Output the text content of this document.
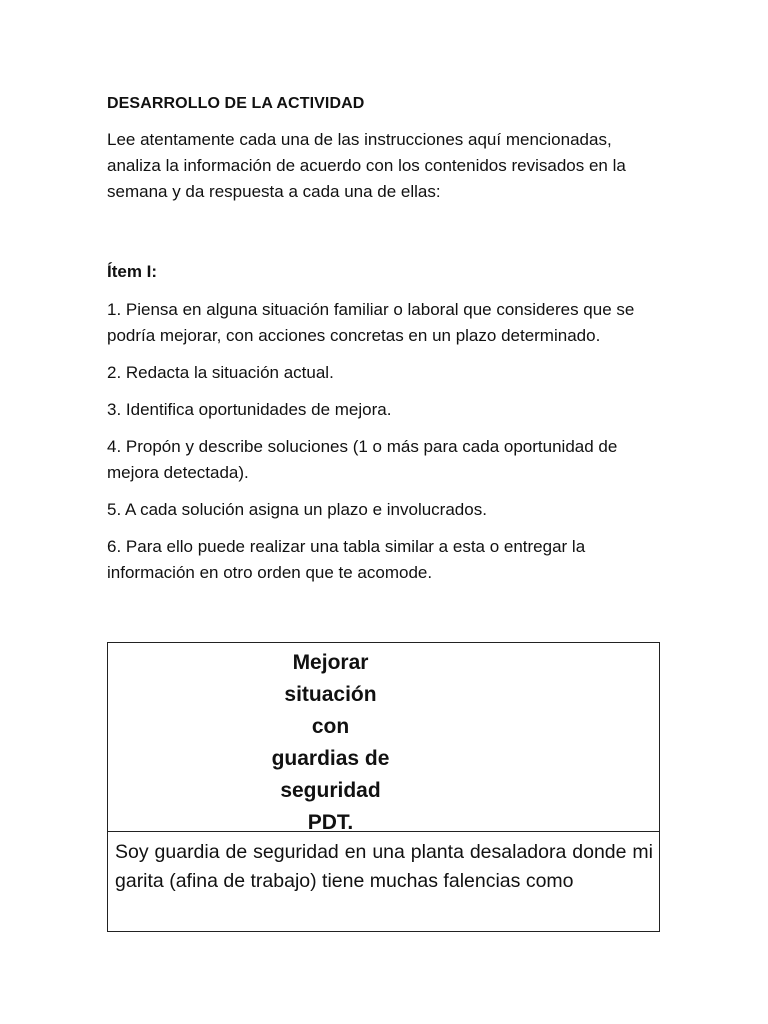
DESARROLLO DE LA ACTIVIDAD
Lee atentamente cada una de las instrucciones aquí mencionadas, analiza la información de acuerdo con los contenidos revisados en la semana y da respuesta a cada una de ellas:
Ítem I:
1. Piensa en alguna situación familiar o laboral que consideres que se podría mejorar, con acciones concretas en un plazo determinado.
2. Redacta la situación actual.
3. Identifica oportunidades de mejora.
4. Propón y describe soluciones (1 o más para cada oportunidad de mejora detectada).
5. A cada solución asigna un plazo e involucrados.
6. Para ello puede realizar una tabla similar a esta o entregar la información en otro orden que te acomode.
Mejorar situación con guardias de seguridad PDT.
Soy guardia de seguridad en una planta desaladora donde mi garita (afina de trabajo) tiene muchas falencias como
